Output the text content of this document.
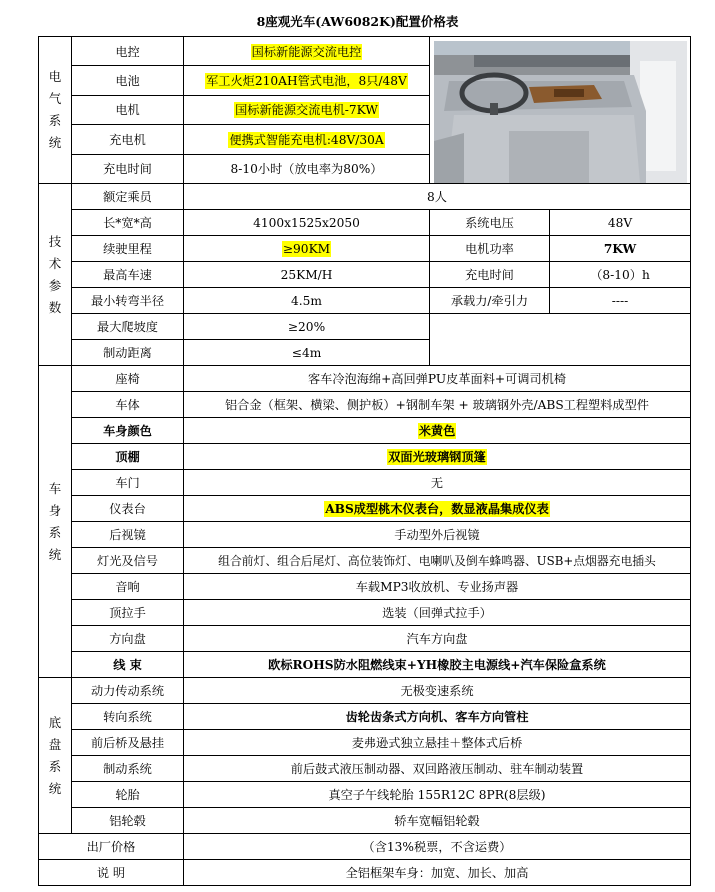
8座观光车(AW6082K)配置价格表
电
气
系
统	电控	国标新能源交流电控	

	电池	军工火炬210AH管式电池，8只/48V		
	电机	国标新能源交流电机-7KW		
	充电机	便携式智能充电机:48V/30A		
	充电时间	8-10小时（放电率为80%）		

技
术
参
数	额定乘员	8人		
	长*宽*高	4100x1525x2050	系统电压	48V
	续驶里程	≥90KM	电机功率	7KW
	最高车速	25KM/H	充电时间	（8-10）h
	最小转弯半径	4.5m	承载力/牵引力	----
	最大爬坡度	≥20%		
	制动距离	≤4m		

车
身
系
统	座椅	客车冷泡海绵+高回弹PU皮革面料+可调司机椅		
	车体	铝合金（框架、横梁、侧护板）+钢制车架 + 玻璃钢外壳/ABS工程塑料成型件		
	车身颜色	米黄色		
	顶棚	双面光玻璃钢顶篷		
	车门	无		
	仪表台	ABS成型桃木仪表台，数显液晶集成仪表		
	后视镜	手动型外后视镜		
	灯光及信号	组合前灯、组合后尾灯、高位装饰灯、电喇叭及倒车蜂鸣器、USB+点烟器充电插头		
	音响	车载MP3收放机、专业扬声器		
	顶拉手	选装（回弹式拉手）		
	方向盘	汽车方向盘		
	线 束	欧标ROHS防水阻燃线束+YH橡胶主电源线+汽车保险盒系统		

底
盘
系
统	动力传动系统	无极变速系统		
	转向系统	齿轮齿条式方向机、客车方向管柱		
	前后桥及悬挂	麦弗逊式独立悬挂＋整体式后桥		
	制动系统	前后鼓式液压制动器、双回路液压制动、驻车制动装置		
	轮胎	真空子午线轮胎 155R12C 8PR(8层级)		
	铝轮毂	轿车宽幅铝轮毂		
出厂价格		（含13%税票，不含运费）		
说 明		全铝框架车身：加宽、加长、加高		
